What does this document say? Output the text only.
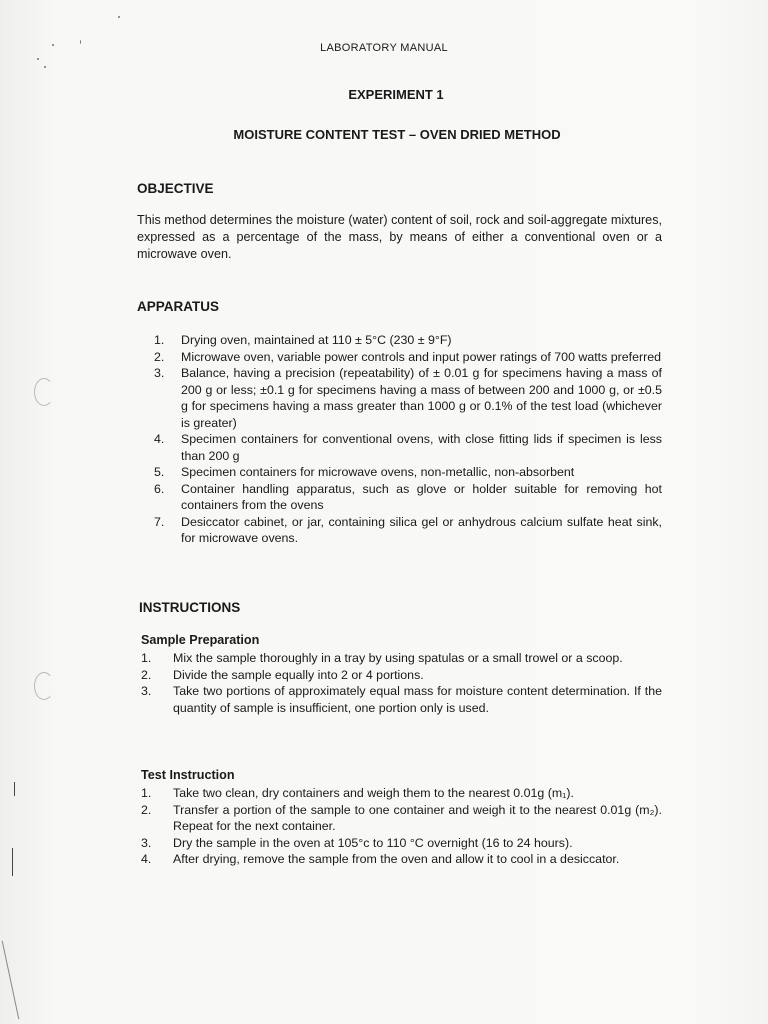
LABORATORY MANUAL
EXPERIMENT 1
MOISTURE CONTENT TEST – OVEN DRIED METHOD
OBJECTIVE
This method determines the moisture (water) content of soil, rock and soil-aggregate mixtures, expressed as a percentage of the mass, by means of either a conventional oven or a microwave oven.
APPARATUS
1. Drying oven, maintained at 110 ± 5°C (230 ± 9°F)
2. Microwave oven, variable power controls and input power ratings of 700 watts preferred
3. Balance, having a precision (repeatability) of ± 0.01 g for specimens having a mass of 200 g or less; ±0.1 g for specimens having a mass of between 200 and 1000 g, or ±0.5 g for specimens having a mass greater than 1000 g or 0.1% of the test load (whichever is greater)
4. Specimen containers for conventional ovens, with close fitting lids if specimen is less than 200 g
5. Specimen containers for microwave ovens, non-metallic, non-absorbent
6. Container handling apparatus, such as glove or holder suitable for removing hot containers from the ovens
7. Desiccator cabinet, or jar, containing silica gel or anhydrous calcium sulfate heat sink, for microwave ovens.
INSTRUCTIONS
Sample Preparation
1. Mix the sample thoroughly in a tray by using spatulas or a small trowel or a scoop.
2. Divide the sample equally into 2 or 4 portions.
3. Take two portions of approximately equal mass for moisture content determination. If the quantity of sample is insufficient, one portion only is used.
Test Instruction
1. Take two clean, dry containers and weigh them to the nearest 0.01g (m₁).
2. Transfer a portion of the sample to one container and weigh it to the nearest 0.01g (m₂). Repeat for the next container.
3. Dry the sample in the oven at 105°c to 110 °C overnight (16 to 24 hours).
4. After drying, remove the sample from the oven and allow it to cool in a desiccator.
